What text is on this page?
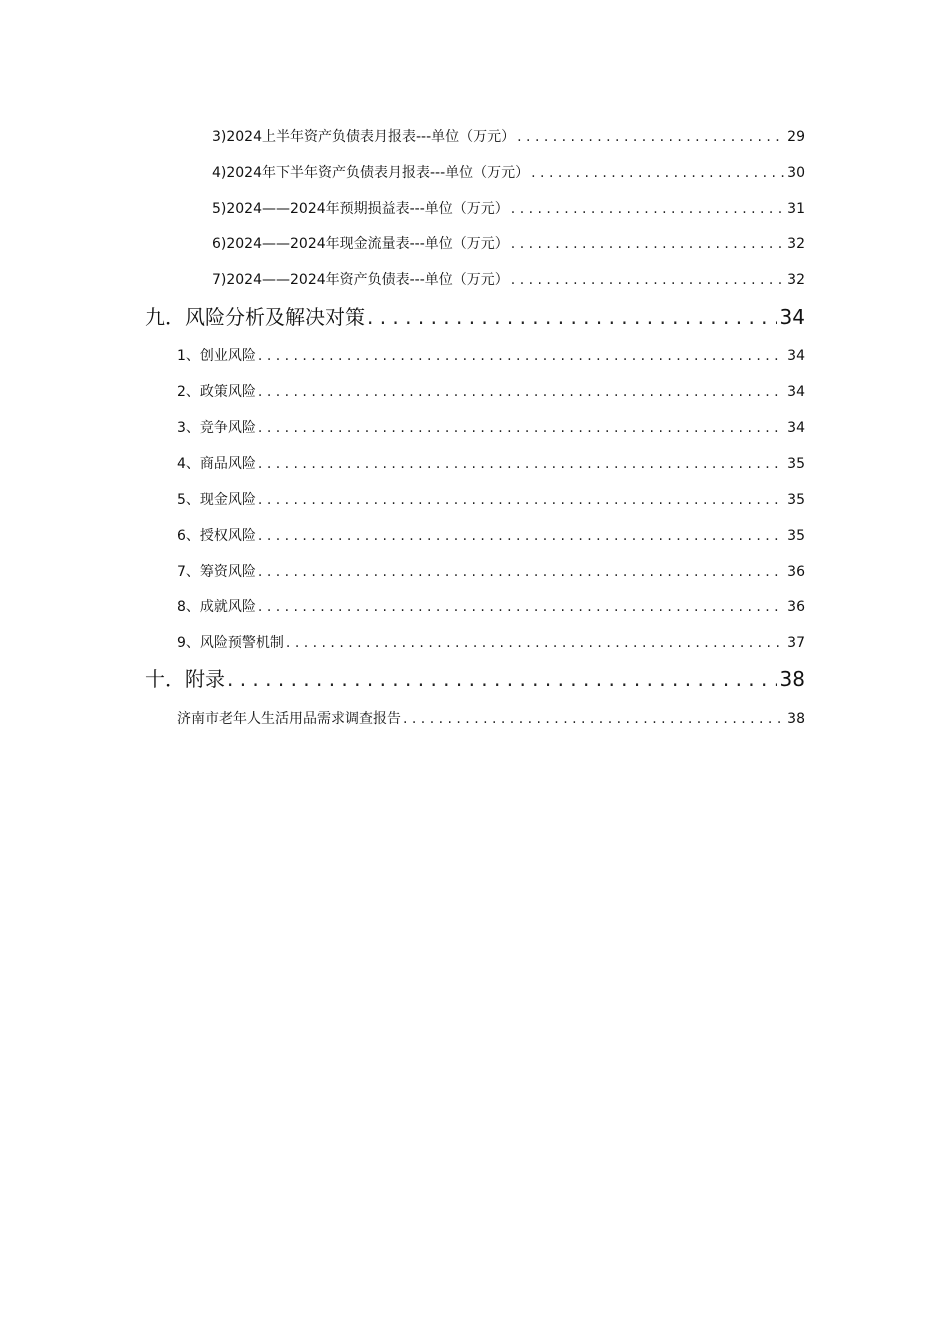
3)2024上半年资产负债表月报表---单位（万元） . . .	29
4)2024年下半年资产负债表月报表---单位（万元） . . .	30
5)2024——2024年预期损益表---单位（万元） . . .	31
6)2024——2024年现金流量表---单位（万元） . . .	32
7)2024——2024年资产负债表---单位（万元） . . .	32
九．风险分析及解决对策 . . .	34
1、创业风险 . . .	34
2、政策风险 . . .	34
3、竞争风险 . . .	34
4、商品风险 . . .	35
5、现金风险 . . .	35
6、授权风险 . . .	35
7、筹资风险 . . .	36
8、成就风险 . . .	36
9、风险预警机制 . . .	37
十．附录 . . .	38
济南市老年人生活用品需求调查报告 . . .	38
